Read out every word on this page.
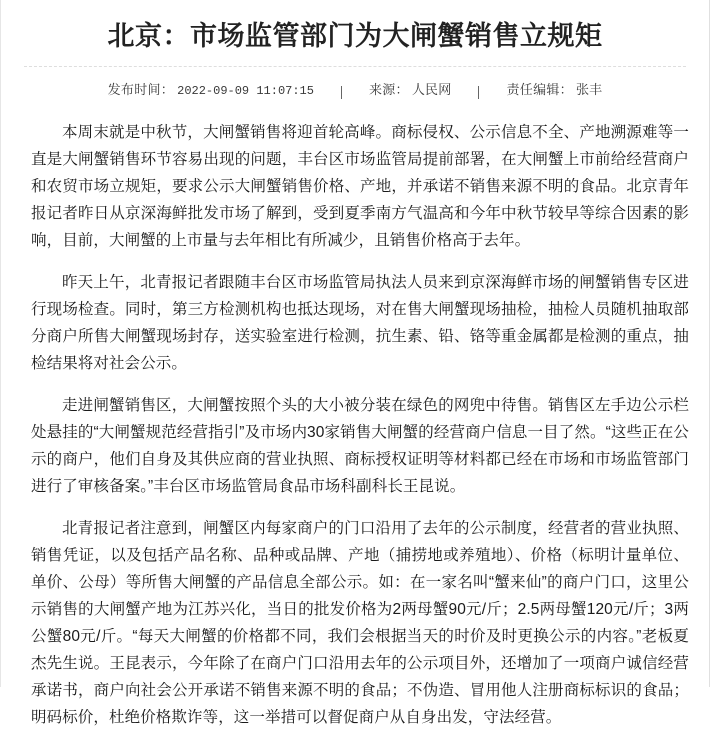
北京：市场监管部门为大闸蟹销售立规矩
发布时间： 2022-09-09 11:07:15	来源： 人民网	责任编辑： 张丰

本周末就是中秋节，大闸蟹销售将迎首轮高峰。商标侵权、公示信息不全、产地溯源难等一直是大闸蟹销售环节容易出现的问题，丰台区市场监管局提前部署，在大闸蟹上市前给经营商户和农贸市场立规矩，要求公示大闸蟹销售价格、产地，并承诺不销售来源不明的食品。北京青年报记者昨日从京深海鲜批发市场了解到，受到夏季南方气温高和今年中秋节较早等综合因素的影响，目前，大闸蟹的上市量与去年相比有所减少，且销售价格高于去年。

昨天上午，北青报记者跟随丰台区市场监管局执法人员来到京深海鲜市场的闸蟹销售专区进行现场检查。同时，第三方检测机构也抵达现场，对在售大闸蟹现场抽检，抽检人员随机抽取部分商户所售大闸蟹现场封存，送实验室进行检测，抗生素、铅、铬等重金属都是检测的重点，抽检结果将对社会公示。

走进闸蟹销售区，大闸蟹按照个头的大小被分装在绿色的网兜中待售。销售区左手边公示栏处悬挂的“大闸蟹规范经营指引”及市场内30家销售大闸蟹的经营商户信息一目了然。“这些正在公示的商户，他们自身及其供应商的营业执照、商标授权证明等材料都已经在市场和市场监管部门进行了审核备案。”丰台区市场监管局食品市场科副科长王昆说。

北青报记者注意到，闸蟹区内每家商户的门口沿用了去年的公示制度，经营者的营业执照、销售凭证，以及包括产品名称、品种或品牌、产地（捕捞地或养殖地）、价格（标明计量单位、单价、公母）等所售大闸蟹的产品信息全部公示。如：在一家名叫“蟹来仙”的商户门口，这里公示销售的大闸蟹产地为江苏兴化，当日的批发价格为2两母蟹90元/斤；2.5两母蟹120元/斤；3两公蟹80元/斤。“每天大闸蟹的价格都不同，我们会根据当天的时价及时更换公示的内容。”老板夏杰先生说。王昆表示，今年除了在商户门口沿用去年的公示项目外，还增加了一项商户诚信经营承诺书，商户向社会公开承诺不销售来源不明的食品；不伪造、冒用他人注册商标标识的食品；明码标价，杜绝价格欺诈等，这一举措可以督促商户从自身出发，守法经营。
